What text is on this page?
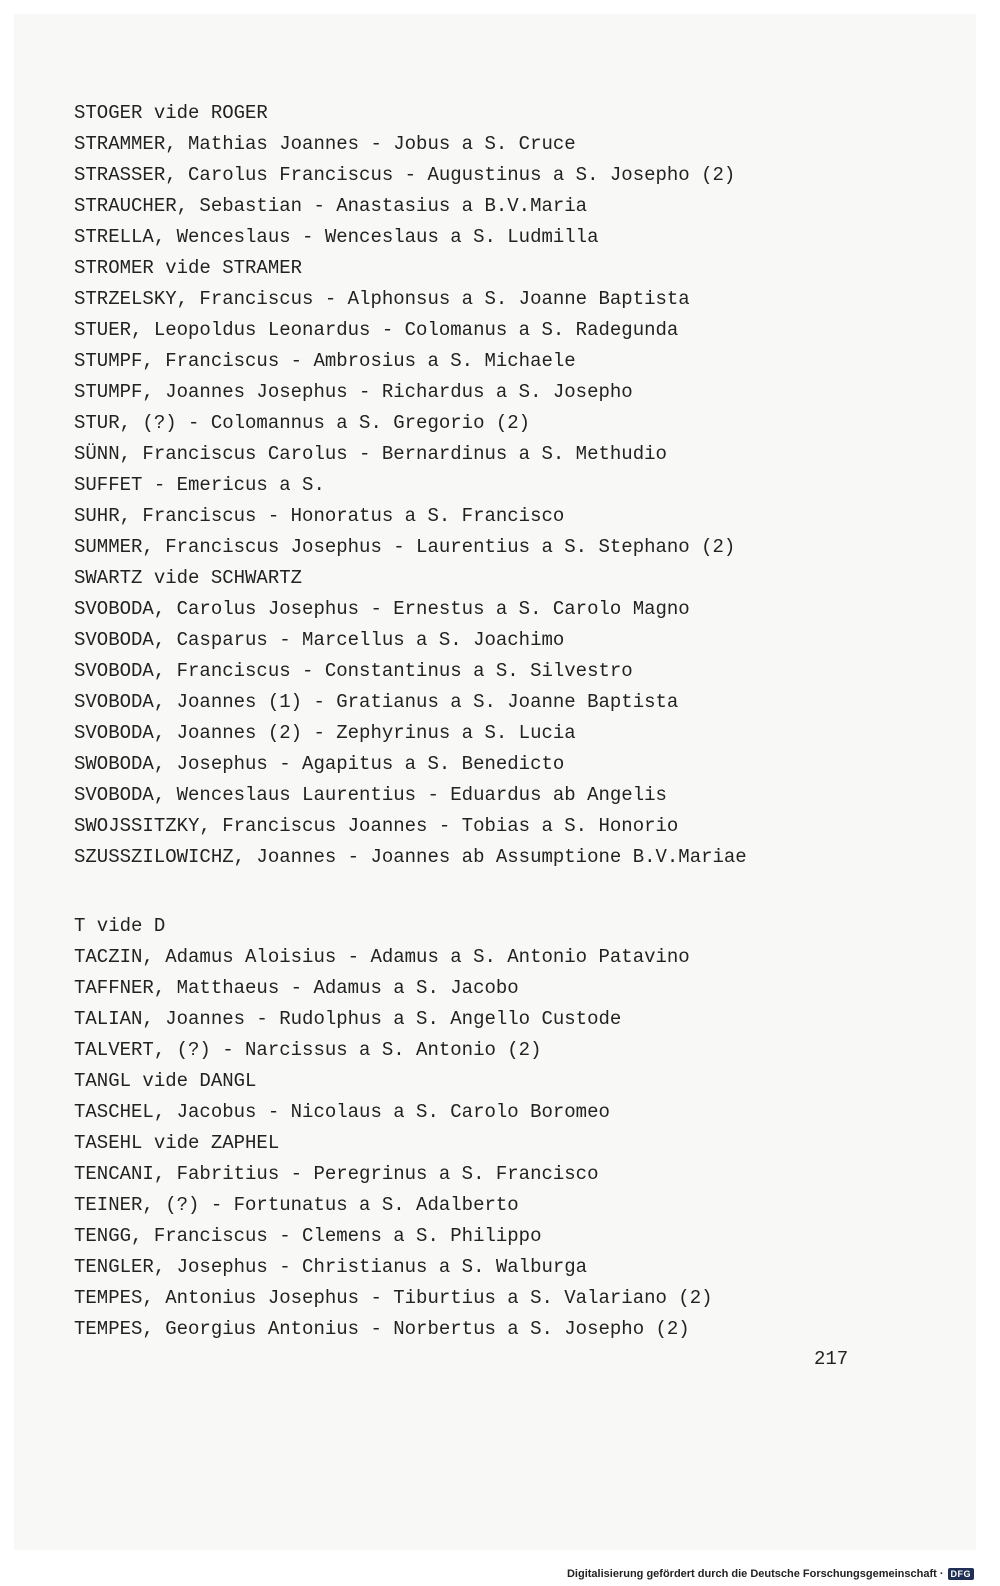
STOGER vide ROGER
STRAMMER, Mathias Joannes - Jobus a S. Cruce
STRASSER, Carolus Franciscus - Augustinus a S. Josepho (2)
STRAUCHER, Sebastian - Anastasius a B.V.Maria
STRELLA, Wenceslaus - Wenceslaus a S. Ludmilla
STROMER vide STRAMER
STRZELSKY, Franciscus - Alphonsus a S. Joanne Baptista
STUER, Leopoldus Leonardus - Colomanus a S. Radegunda
STUMPF, Franciscus - Ambrosius a S. Michaele
STUMPF, Joannes Josephus - Richardus a S. Josepho
STUR, (?) - Colomannus a S. Gregorio (2)
SÜNN, Franciscus Carolus - Bernardinus a S. Methudio
SUFFET - Emericus a S.
SUHR, Franciscus - Honoratus a S. Francisco
SUMMER, Franciscus Josephus - Laurentius a S. Stephano (2)
SWARTZ vide SCHWARTZ
SVOBODA, Carolus Josephus - Ernestus a S. Carolo Magno
SVOBODA, Casparus - Marcellus a S. Joachimo
SVOBODA, Franciscus - Constantinus a S. Silvestro
SVOBODA, Joannes (1) - Gratianus a S. Joanne Baptista
SVOBODA, Joannes (2) - Zephyrinus a S. Lucia
SWOBODA, Josephus - Agapitus a S. Benedicto
SVOBODA, Wenceslaus Laurentius - Eduardus ab Angelis
SWOJSSITZKY, Franciscus Joannes - Tobias a S. Honorio
SZUSSZILOWICHZ, Joannes - Joannes ab Assumptione B.V.Mariae
T vide D
TACZIN, Adamus Aloisius - Adamus a S. Antonio Patavino
TAFFNER, Matthaeus - Adamus a S. Jacobo
TALIAN, Joannes - Rudolphus a S. Angello Custode
TALVERT, (?) - Narcissus a S. Antonio (2)
TANGL vide DANGL
TASCHEL, Jacobus - Nicolaus a S. Carolo Boromeo
TASEHL vide ZAPHEL
TENCANI, Fabritius - Peregrinus a S. Francisco
TEINER, (?) - Fortunatus a S. Adalberto
TENGG, Franciscus - Clemens a S. Philippo
TENGLER, Josephus - Christianus a S. Walburga
TEMPES, Antonius Josephus - Tiburtius a S. Valariano (2)
TEMPES, Georgius Antonius - Norbertus a S. Josepho (2)
217
Digitalisierung gefördert durch die Deutsche Forschungsgemeinschaft · DFG
